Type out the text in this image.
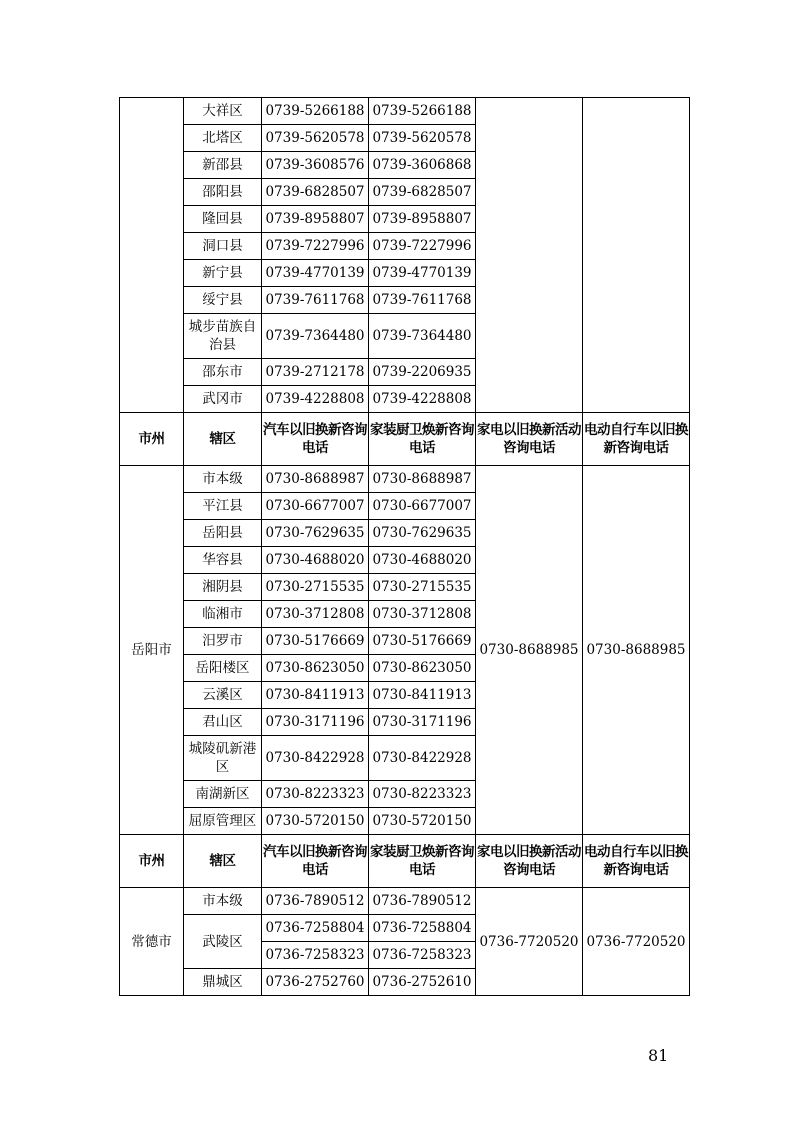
	大祥区	0739-5266188	0739-5266188		
	北塔区	0739-5620578	0739-5620578		
	新邵县	0739-3608576	0739-3606868		
	邵阳县	0739-6828507	0739-6828507		
	隆回县	0739-8958807	0739-8958807		
	洞口县	0739-7227996	0739-7227996		
	新宁县	0739-4770139	0739-4770139		
	绥宁县	0739-7611768	0739-7611768		
	城步苗族自治县	0739-7364480	0739-7364480		
	邵东市	0739-2712178	0739-2206935		
	武冈市	0739-4228808	0739-4228808		
市州	辖区	汽车以旧换新咨询电话	家装厨卫焕新咨询电话	家电以旧换新活动咨询电话	电动自行车以旧换新咨询电话
岳阳市	市本级	0730-8688987	0730-8688987	0730-8688985	0730-8688985
	平江县	0730-6677007	0730-6677007		
	岳阳县	0730-7629635	0730-7629635		
	华容县	0730-4688020	0730-4688020		
	湘阴县	0730-2715535	0730-2715535		
	临湘市	0730-3712808	0730-3712808		
	汨罗市	0730-5176669	0730-5176669		
	岳阳楼区	0730-8623050	0730-8623050		
	云溪区	0730-8411913	0730-8411913		
	君山区	0730-3171196	0730-3171196		
	城陵矶新港区	0730-8422928	0730-8422928		
	南湖新区	0730-8223323	0730-8223323		
	屈原管理区	0730-5720150	0730-5720150		
市州	辖区	汽车以旧换新咨询电话	家装厨卫焕新咨询电话	家电以旧换新活动咨询电话	电动自行车以旧换新咨询电话
常德市	市本级	0736-7890512	0736-7890512	0736-7720520	0736-7720520
	武陵区	0736-7258804	0736-7258804		
		0736-7258323	0736-7258323		
	鼎城区	0736-2752760	0736-2752610		
81
